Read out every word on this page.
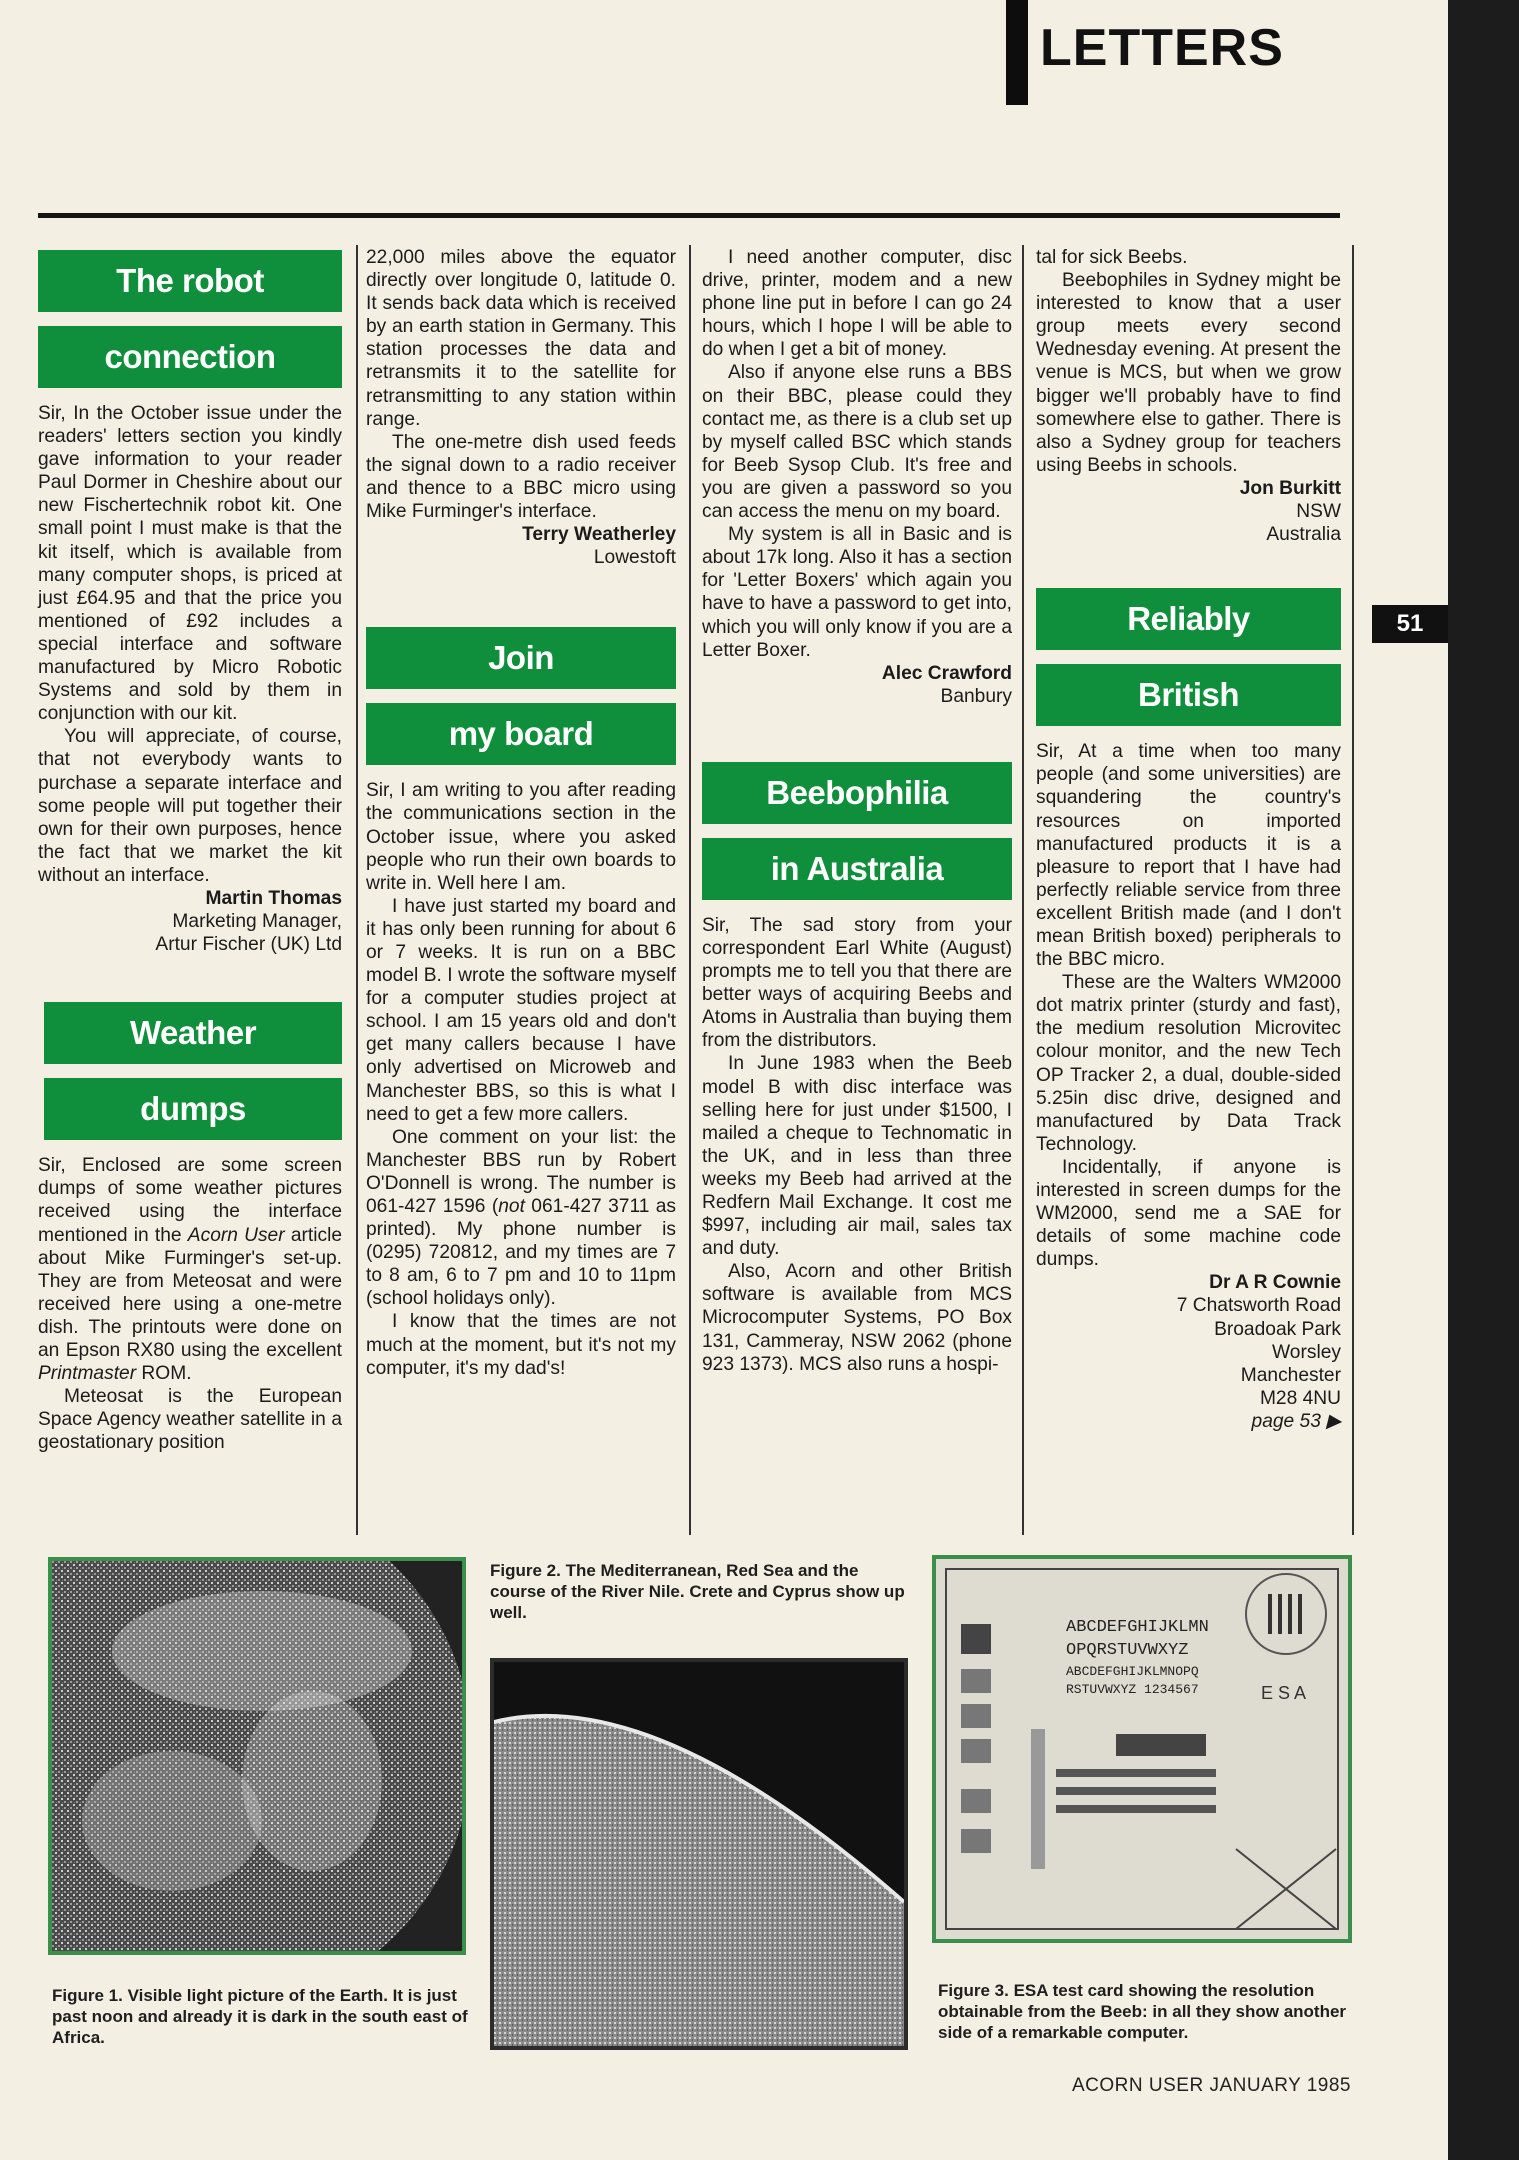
LETTERS
51
The robot
connection

Sir, In the October issue under the readers' letters section you kindly gave information to your reader Paul Dormer in Cheshire about our new Fischertechnik robot kit. One small point I must make is that the kit itself, which is available from many computer shops, is priced at just £64.95 and that the price you mentioned of £92 includes a special interface and software manufactured by Micro Robotic Systems and sold by them in conjunction with our kit.

You will appreciate, of course, that not everybody wants to purchase a separate interface and some people will put together their own for their own purposes, hence the fact that we market the kit without an interface.

Martin Thomas
Marketing Manager,
Artur Fischer (UK) Ltd
Weather
dumps

Sir, Enclosed are some screen dumps of some weather pictures received using the interface mentioned in the Acorn User article about Mike Furminger's set-up. They are from Meteosat and were received here using a one-metre dish. The printouts were done on an Epson RX80 using the excellent Printmaster ROM.

Meteosat is the European Space Agency weather satellite in a geostationary position

22,000 miles above the equator directly over longitude 0, latitude 0. It sends back data which is received by an earth station in Germany. This station processes the data and retransmits it to the satellite for retransmitting to any station within range.

The one-metre dish used feeds the signal down to a radio receiver and thence to a BBC micro using Mike Furminger's interface.

Terry Weatherley
Lowestoft
Join
my board

Sir, I am writing to you after reading the communications section in the October issue, where you asked people who run their own boards to write in. Well here I am.

I have just started my board and it has only been running for about 6 or 7 weeks. It is run on a BBC model B. I wrote the software myself for a computer studies project at school. I am 15 years old and don't get many callers because I have only advertised on Microweb and Manchester BBS, so this is what I need to get a few more callers.

One comment on your list: the Manchester BBS run by Robert O'Donnell is wrong. The number is 061-427 1596 (not 061-427 3711 as printed). My phone number is (0295) 720812, and my times are 7 to 8 am, 6 to 7 pm and 10 to 11pm (school holidays only).

I know that the times are not much at the moment, but it's not my computer, it's my dad's!

I need another computer, disc drive, printer, modem and a new phone line put in before I can go 24 hours, which I hope I will be able to do when I get a bit of money.

Also if anyone else runs a BBS on their BBC, please could they contact me, as there is a club set up by myself called BSC which stands for Beeb Sysop Club. It's free and you are given a password so you can access the menu on my board.

My system is all in Basic and is about 17k long. Also it has a section for 'Letter Boxers' which again you have to have a password to get into, which you will only know if you are a Letter Boxer.

Alec Crawford
Banbury
Beebophilia
in Australia

Sir, The sad story from your correspondent Earl White (August) prompts me to tell you that there are better ways of acquiring Beebs and Atoms in Australia than buying them from the distributors.

In June 1983 when the Beeb model B with disc interface was selling here for just under $1500, I mailed a cheque to Technomatic in the UK, and in less than three weeks my Beeb had arrived at the Redfern Mail Exchange. It cost me $997, including air mail, sales tax and duty.

Also, Acorn and other British software is available from MCS Microcomputer Systems, PO Box 131, Cammeray, NSW 2062 (phone 923 1373). MCS also runs a hospi-

tal for sick Beebs.

Beebophiles in Sydney might be interested to know that a user group meets every second Wednesday evening. At present the venue is MCS, but when we grow bigger we'll probably have to find somewhere else to gather. There is also a Sydney group for teachers using Beebs in schools.

Jon Burkitt
NSW
Australia
Reliably
British

Sir, At a time when too many people (and some universities) are squandering the country's resources on imported manufactured products it is a pleasure to report that I have had perfectly reliable service from three excellent British made (and I don't mean British boxed) peripherals to the BBC micro.

These are the Walters WM2000 dot matrix printer (sturdy and fast), the medium resolution Microvitec colour monitor, and the new Tech OP Tracker 2, a dual, double-sided 5.25in disc drive, designed and manufactured by Data Track Technology.

Incidentally, if anyone is interested in screen dumps for the WM2000, send me a SAE for details of some machine code dumps.

Dr A R Cownie
7 Chatsworth Road
Broadoak Park
Worsley
Manchester
M28 4NU
page 53 ▶
Figure 1. Visible light picture of the Earth. It is just past noon and already it is dark in the south east of Africa.
Figure 2. The Mediterranean, Red Sea and the course of the River Nile. Crete and Cyprus show up well.
ABCDEFGHIJKLMN
OPQRSTUVWXYZ
ABCDEFGHIJKLMNOPQ
RSTUVWXYZ 1234567	E S A
Figure 3. ESA test card showing the resolution obtainable from the Beeb: in all they show another side of a remarkable computer.
ACORN USER JANUARY 1985
